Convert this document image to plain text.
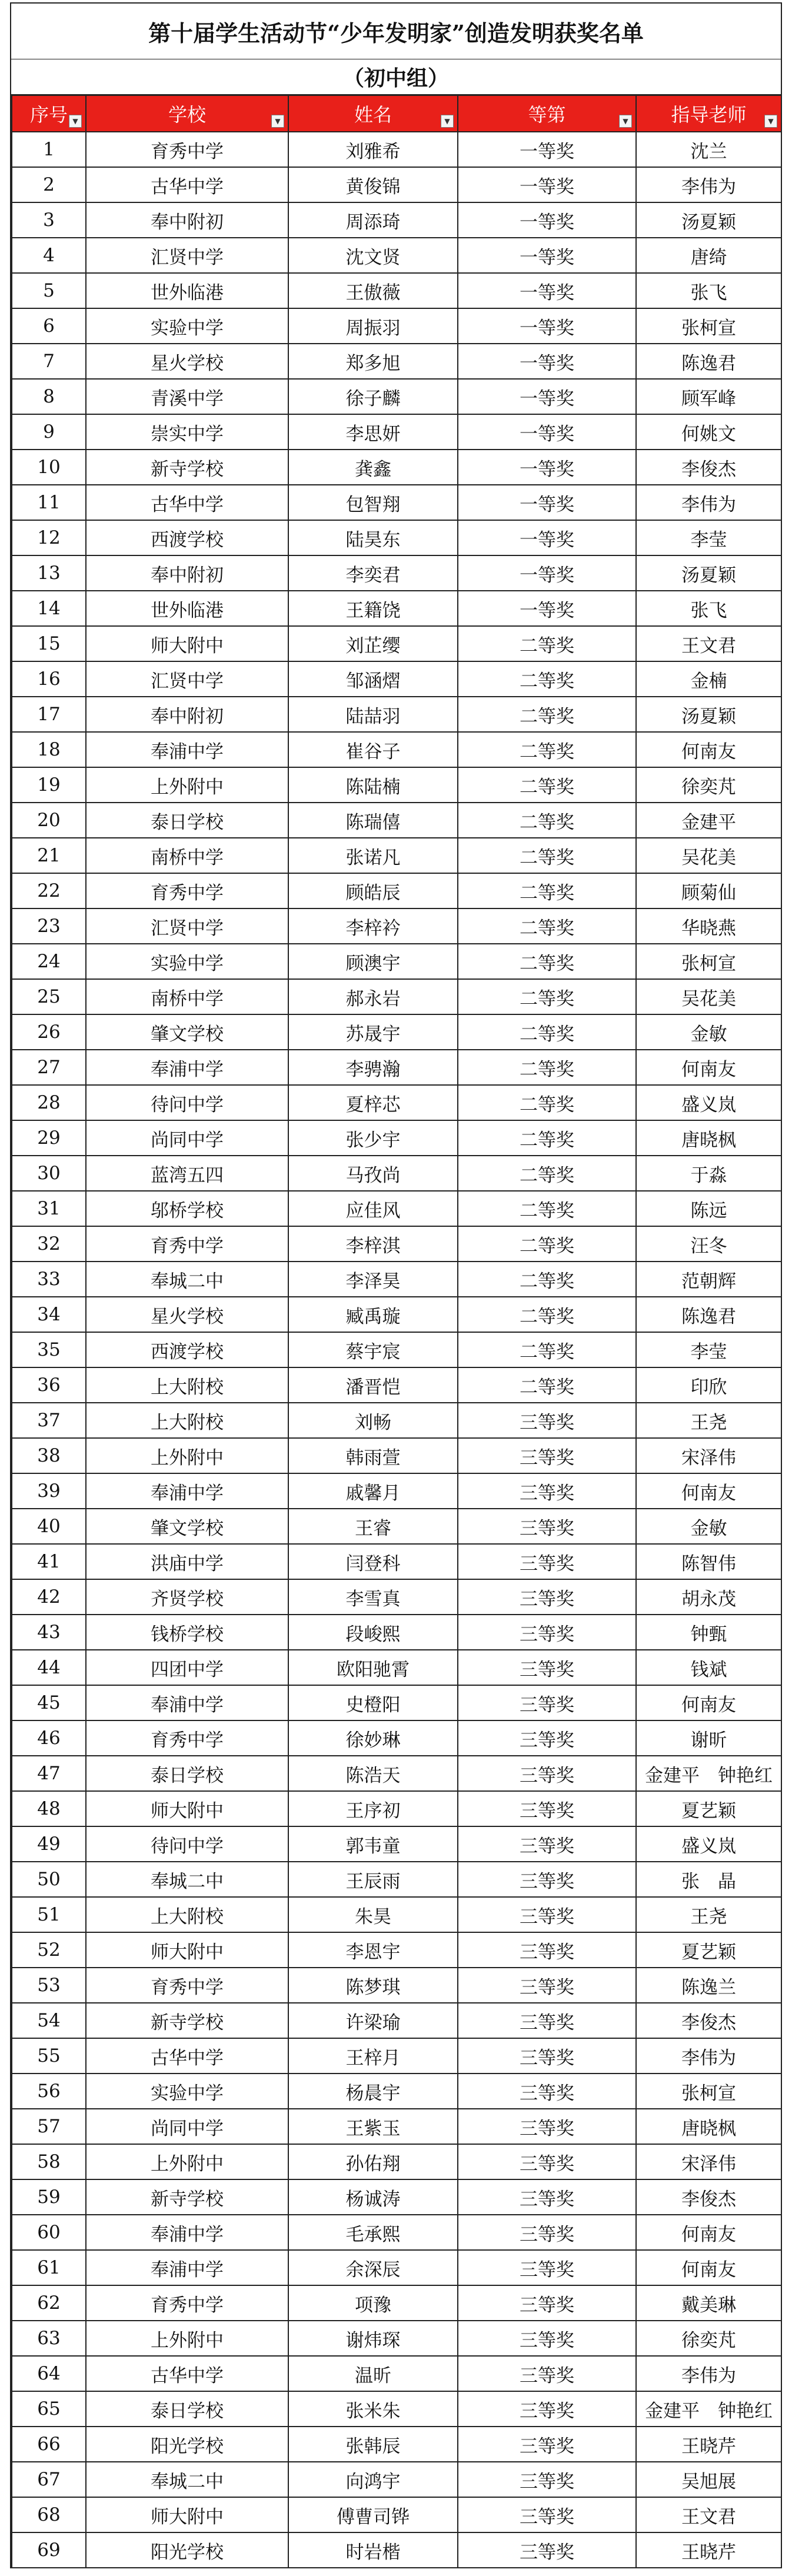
第十届学生活动节“少年发明家”创造发明获奖名单
（初中组）
序号 ▼	学校 ▼	姓名 ▼	等第 ▼	指导老师 ▼

1	育秀中学	刘雅希	一等奖	沈兰
2	古华中学	黄俊锦	一等奖	李伟为
3	奉中附初	周添琦	一等奖	汤夏颖
4	汇贤中学	沈文贤	一等奖	唐绮
5	世外临港	王傲薇	一等奖	张飞
6	实验中学	周振羽	一等奖	张柯宣
7	星火学校	郑多旭	一等奖	陈逸君
8	青溪中学	徐子麟	一等奖	顾军峰
9	崇实中学	李思妍	一等奖	何姚文
10	新寺学校	龚鑫	一等奖	李俊杰
11	古华中学	包智翔	一等奖	李伟为
12	西渡学校	陆昊东	一等奖	李莹
13	奉中附初	李奕君	一等奖	汤夏颖
14	世外临港	王籍饶	一等奖	张飞
15	师大附中	刘芷缨	二等奖	王文君
16	汇贤中学	邹涵熠	二等奖	金楠
17	奉中附初	陆喆羽	二等奖	汤夏颖
18	奉浦中学	崔谷子	二等奖	何南友
19	上外附中	陈陆楠	二等奖	徐奕芃
20	泰日学校	陈瑞僖	二等奖	金建平
21	南桥中学	张诺凡	二等奖	吴花美
22	育秀中学	顾皓辰	二等奖	顾菊仙
23	汇贤中学	李梓衿	二等奖	华晓燕
24	实验中学	顾澳宇	二等奖	张柯宣
25	南桥中学	郝永岩	二等奖	吴花美
26	肇文学校	苏晟宇	二等奖	金敏
27	奉浦中学	李骋瀚	二等奖	何南友
28	待问中学	夏梓芯	二等奖	盛义岚
29	尚同中学	张少宇	二等奖	唐晓枫
30	蓝湾五四	马孜尚	二等奖	于淼
31	邬桥学校	应佳风	二等奖	陈远
32	育秀中学	李梓淇	二等奖	汪冬
33	奉城二中	李泽昊	二等奖	范朝辉
34	星火学校	臧禹璇	二等奖	陈逸君
35	西渡学校	蔡宇宸	二等奖	李莹
36	上大附校	潘晋恺	二等奖	印欣
37	上大附校	刘畅	三等奖	王尧
38	上外附中	韩雨萱	三等奖	宋泽伟
39	奉浦中学	戚馨月	三等奖	何南友
40	肇文学校	王睿	三等奖	金敏
41	洪庙中学	闫登科	三等奖	陈智伟
42	齐贤学校	李雪真	三等奖	胡永茂
43	钱桥学校	段峻熙	三等奖	钟甄
44	四团中学	欧阳驰霄	三等奖	钱斌
45	奉浦中学	史橙阳	三等奖	何南友
46	育秀中学	徐妙琳	三等奖	谢昕
47	泰日学校	陈浩天	三等奖	金建平　钟艳红
48	师大附中	王序初	三等奖	夏艺颖
49	待问中学	郭韦童	三等奖	盛义岚
50	奉城二中	王辰雨	三等奖	张　晶
51	上大附校	朱昊	三等奖	王尧
52	师大附中	李恩宇	三等奖	夏艺颖
53	育秀中学	陈梦琪	三等奖	陈逸兰
54	新寺学校	许梁瑜	三等奖	李俊杰
55	古华中学	王梓月	三等奖	李伟为
56	实验中学	杨晨宇	三等奖	张柯宣
57	尚同中学	王紫玉	三等奖	唐晓枫
58	上外附中	孙佑翔	三等奖	宋泽伟
59	新寺学校	杨诚涛	三等奖	李俊杰
60	奉浦中学	毛承熙	三等奖	何南友
61	奉浦中学	余深辰	三等奖	何南友
62	育秀中学	项豫	三等奖	戴美琳
63	上外附中	谢炜琛	三等奖	徐奕芃
64	古华中学	温昕	三等奖	李伟为
65	泰日学校	张米朱	三等奖	金建平　钟艳红
66	阳光学校	张韩辰	三等奖	王晓芹
67	奉城二中	向鸿宇	三等奖	吴旭展
68	师大附中	傅曹司铧	三等奖	王文君
69	阳光学校	时岩楷	三等奖	王晓芹
